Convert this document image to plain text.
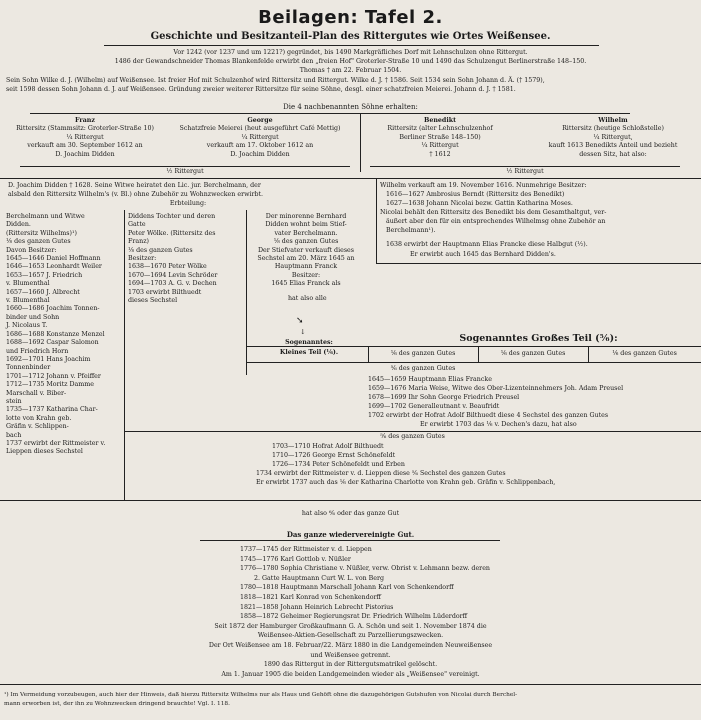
Beilagen: Tafel 2.
Geschichte und Besitzanteil-Plan des Rittergutes wie Ortes Weißensee.
Vor 1242 (vor 1237 und um 1221?) gegründet, bis 1490 Markgräfliches Dorf mit Lehnschulzen ohne Rittergut.
1486 der Gewandschneider Thomas Blankenfelde erwirbt den „freien Hof" Groterler-Straße 10 und 1490 das Schulzengut Berlinerstraße 148–150.
Thomas † am 22. Februar 1504.
Sein Sohn Wilke d. J. (Wilhelm) auf Weißensee. Ist freier Hof mit Schulzenhof wird Rittersitz und Rittergut. Wilke d. J. † 1586. Seit 1534 sein Sohn Johann d. Ä. († 1579),
seit 1598 dessen Sohn Johann d. J. auf Weißensee. Gründung zweier weiterer Rittersitze für seine Söhne, desgl. einer schatzfreien Meierei. Johann d. J. † 1581.
Die 4 nachbenannten Söhne erhalten:
Franz
Rittersitz (Stammsitz: Groterler-Straße 10)
¼ Rittergut
verkauft am 30. September 1612 an
D. Joachim Didden
George
Schatzfreie Meierei (heut ausgeführt Café Mettig)
¼ Rittergut
verkauft am 17. Oktober 1612 an
D. Joachim Didden
Benedikt
Rittersitz (alter Lehnschulzenhof
Berliner Straße 148–150)
¼ Rittergut
† 1612
Wilhelm
Rittersitz (heutige Schloßstelle)
¼ Rittergut,
kauft 1613 Benedikts Anteil und bezieht
dessen Sitz, hat also:
½ Rittergut	½ Rittergut
D. Joachim Didden † 1628. Seine Witwe heiratet den Lic. jur. Berchelmann, der
alsbald den Rittersitz Wilhelm's (v. Bl.) ohne Zubehör zu Wohnzwecken erwirbt.
Erbteilung:
Berchelmann und Witwe
Didden.
(Rittersitz Wilhelms)¹)
⅛ des ganzen Gutes
Davon Besitzer:
1645—1646 Daniel Hoffmann
1646—1653 Leonhardt Weiler
1653—1657 J. Friedrich
v. Blumenthal
1657—1660 J. Albrecht
v. Blumenthal
1660—1686 Joachim Tonnen-
binder und Sohn
J. Nicolaus T.
1686—1688 Konstanze Menzel
1688—1692 Caspar Salomon
und Friedrich Horn
1692—1701 Hans Joachim
Tonnenbinder
1701—1712 Johann v. Pfeiffer
1712—1735 Moritz Damme
Marschall v. Biber-
stein
1735—1737 Katharina Char-
lotte von Krahn geb.
Gräfin v. Schlippen-
bach
1737 erwirbt der Rittmeister v.
Lieppen dieses Sechstel
Diddens Tochter und deren
Gatte
Peter Wölke. (Rittersitz des
Franz)
⅛ des ganzen Gutes
Besitzer:
1638—1670 Peter Wölke
1670—1694 Levin Schröder
1694—1703 A. G. v. Dechen
1703 erwirbt Bilthuedt
dieses Sechstel
Der minorenne Bernhard
Didden wohnt beim Stief-
vater Berchelmann.
⅛ des ganzen Gutes
Der Stiefvater verkauft dieses
Sechstel am 20. März 1645 an
Hauptmann Franck
Besitzer:
1645 Elias Franck als
hat also alle
➘
↓
Wilhelm verkauft am 19. November 1616. Nunmehrige Besitzer:
1616—1627 Ambrosius Berndt (Rittersitz des Benedikt)
1627—1638 Johann Nicolai bezw. Gattin Katharina Moses.
Nicolai behält den Rittersitz des Benedikt bis dem Gesamthaltgut, ver-
äußert aber den für ein entsprechendes Wilhelmsg ohne Zubehör an
Berchelmann¹).
1638 erwirbt der Hauptmann Elias Francke diese Halbgut (½).
Er erwirbt auch 1645 das Bernhard Didden's.
Sogenanntes Großes Teil (⁵⁄₆):
Sogenanntes:
Kleines Teil (⅙).	⅙ des ganzen Gutes	⅙ des ganzen Gutes	⅙ des ganzen Gutes
⁵⁄₆ des ganzen Gutes
1645—1659 Hauptmann Elias Francke
1659—1676 Maria Weise, Witwe des Ober-Lizenteinnehmers Joh. Adam Preusel
1678—1699 Ihr Sohn George Friedrich Preusel
1699—1702 Generalleutnant v. Beaufridt
1702 erwirbt der Hofrat Adolf Bilthuedt diese 4 Sechstel des ganzen Gutes
Er erwirbt 1703 das ⅙ v. Dechen's dazu, hat also
⁵⁄₆ des ganzen Gutes
1703—1710 Hofrat Adolf Bilthuedt
1710—1726 George Ernst Schönefeldt
1726—1734 Peter Schönefeldt und Erben
1734 erwirbt der Rittmeister v. d. Lieppen diese ⁵⁄₆ Sechstel des ganzen Gutes
Er erwirbt 1737 auch das ⅙ der Katharina Charlotte von Krahn geb. Gräfin v. Schlippenbach,
hat also ⁶⁄₆ oder das ganze Gut
Das ganze wiedervereinigte Gut.
1737—1745 der Rittmeister v. d. Lieppen
1745—1776 Karl Gottlob v. Nüßler
1776—1780 Sophia Christiane v. Nüßler, verw. Obrist v. Lehmann bezw. deren
2. Gatte Hauptmann Curt W. L. von Berg
1780—1818 Hauptmann Marschall Johann Karl von Schenkendorff
1818—1821 Karl Konrad von Schenkendorff
1821—1858 Johann Heinrich Lebrecht Pistorius
1858—1872 Geheimer Regierungsrat Dr. Friedrich Wilhelm Lüderdorff
Seit 1872 der Hamburger Großkaufmann G. A. Schön und seit 1. November 1874 die
Weißensee-Aktien-Gesellschaft zu Parzellierungszwecken.
Der Ort Weißensee am 18. Februar/22. März 1880 in die Landgemeinden Neuweißensee
und Weißensee getrennt.
1890 das Rittergut in der Rittergutsmatrikel gelöscht.
Am 1. Januar 1905 die beiden Landgemeinden wieder als „Weißensee" vereinigt.
¹) Im Vermeidung vorzubeugen, auch hier der Hinweis, daß hierzu Rittersitz Wilhelms nur als Haus und Gehöft ohne die dazugehörigen Gutshufen von Nicolai durch Berchel-
mann erworben ist, der ihn zu Wohnzwecken dringend brauchte! Vgl. I. 118.
